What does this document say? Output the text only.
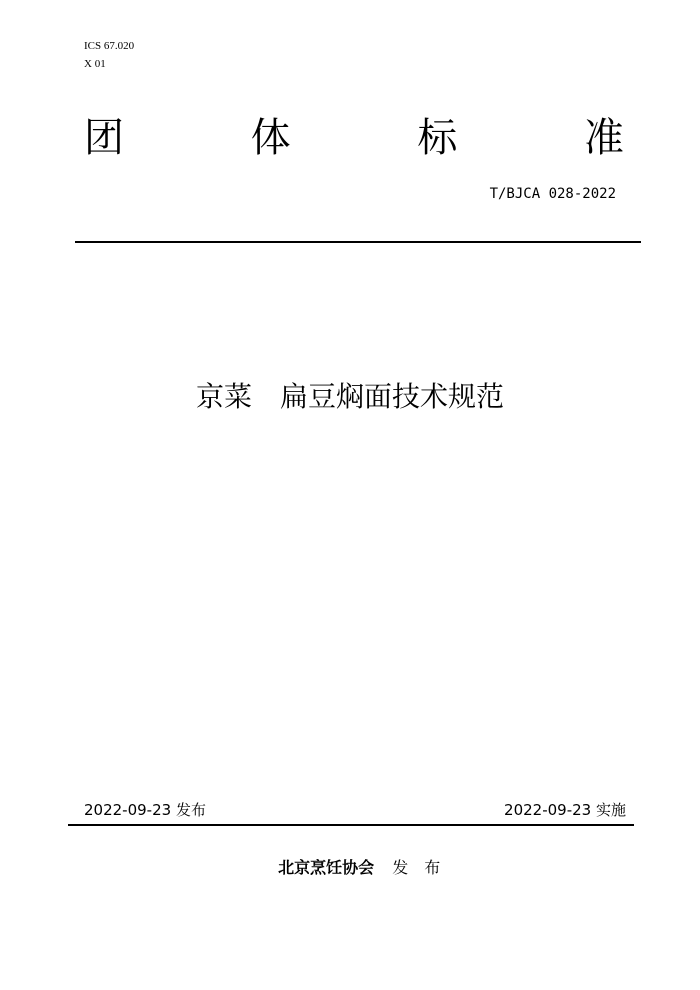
ICS 67.020
X 01
团	体	标	准
T/BJCA 028-2022
京菜　扁豆焖面技术规范
2022-09-23 发布	2022-09-23 实施

北京烹饪协会 发布
